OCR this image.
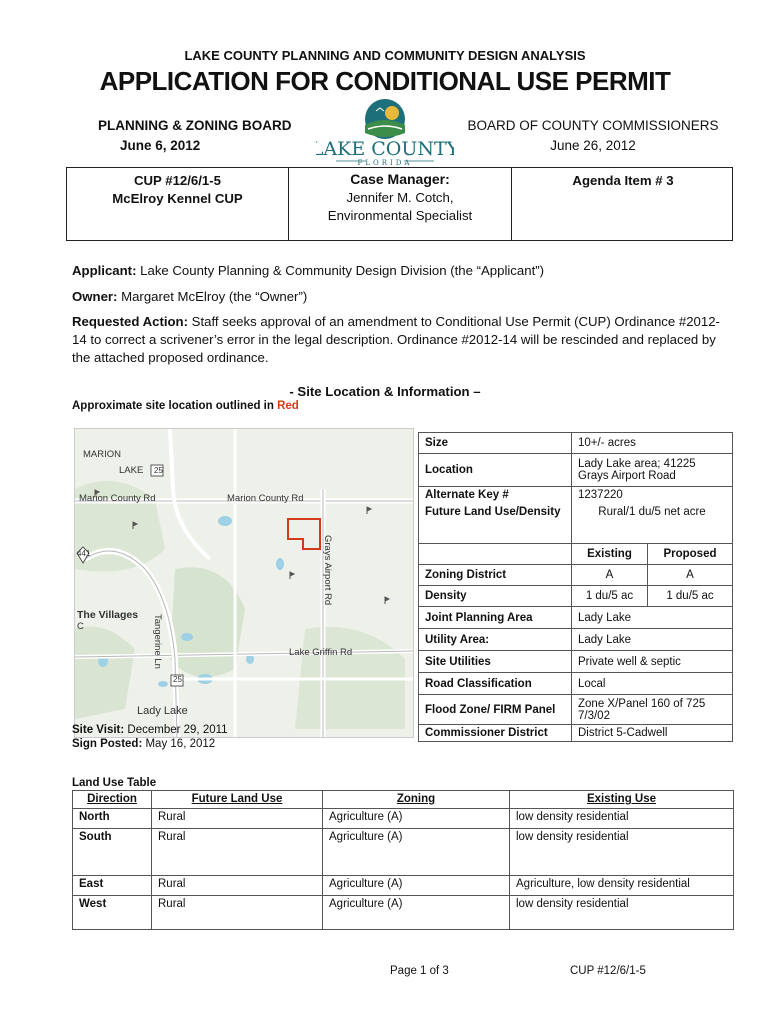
LAKE COUNTY PLANNING AND COMMUNITY DESIGN ANALYSIS
APPLICATION FOR CONDITIONAL USE PERMIT
PLANNING & ZONING BOARD
June 6, 2012
BOARD OF COUNTY COMMISSIONERS
June 26, 2012
LAKE COUNTY
FLORIDA
CUP #12/6/1-5
McElroy Kennel CUP
Case Manager:
Jennifer M. Cotch,
Environmental Specialist
Agenda Item # 3
Applicant: Lake County Planning & Community Design Division (the “Applicant”)
Owner: Margaret McElroy (the “Owner”)
Requested Action: Staff seeks approval of an amendment to Conditional Use Permit (CUP) Ordinance #2012-14 to correct a scrivener’s error in the legal description. Ordinance #2012-14 will be rescinded and replaced by the attached proposed ordinance.
- Site Location & Information –
Approximate site location outlined in Red
MARION
LAKE 25
Marion County Rd	Marion County Rd
441
The Villages
C	Tangerine Ln	Lake Griffin Rd
25
Lady Lake
Grays Airport Rd
Site Visit: December 29, 2011
Sign Posted: May 16, 2012
Size	10+/- acres	
Location	Lady Lake area; 41225 Grays Airport Road	
Alternate Key #	1237220	
Future Land Use/Density	Rural/1 du/5 net acre	
	Existing	Proposed
Zoning District	A	A
Density	1 du/5 ac	1 du/5 ac
Joint Planning Area	Lady Lake	
Utility Area:	Lady Lake	
Site Utilities	Private well & septic	
Road Classification	Local	
Flood Zone/ FIRM Panel	Zone X/Panel 160 of 725 7/3/02	
Commissioner District	District 5-Cadwell	
Land Use Table
Direction	Future Land Use	Zoning	Existing Use
North	Rural	Agriculture (A)	low density residential
South	Rural	Agriculture (A)	low density residential
East	Rural	Agriculture (A)	Agriculture, low density residential
West	Rural	Agriculture (A)	low density residential
Page 1 of 3	CUP #12/6/1-5
